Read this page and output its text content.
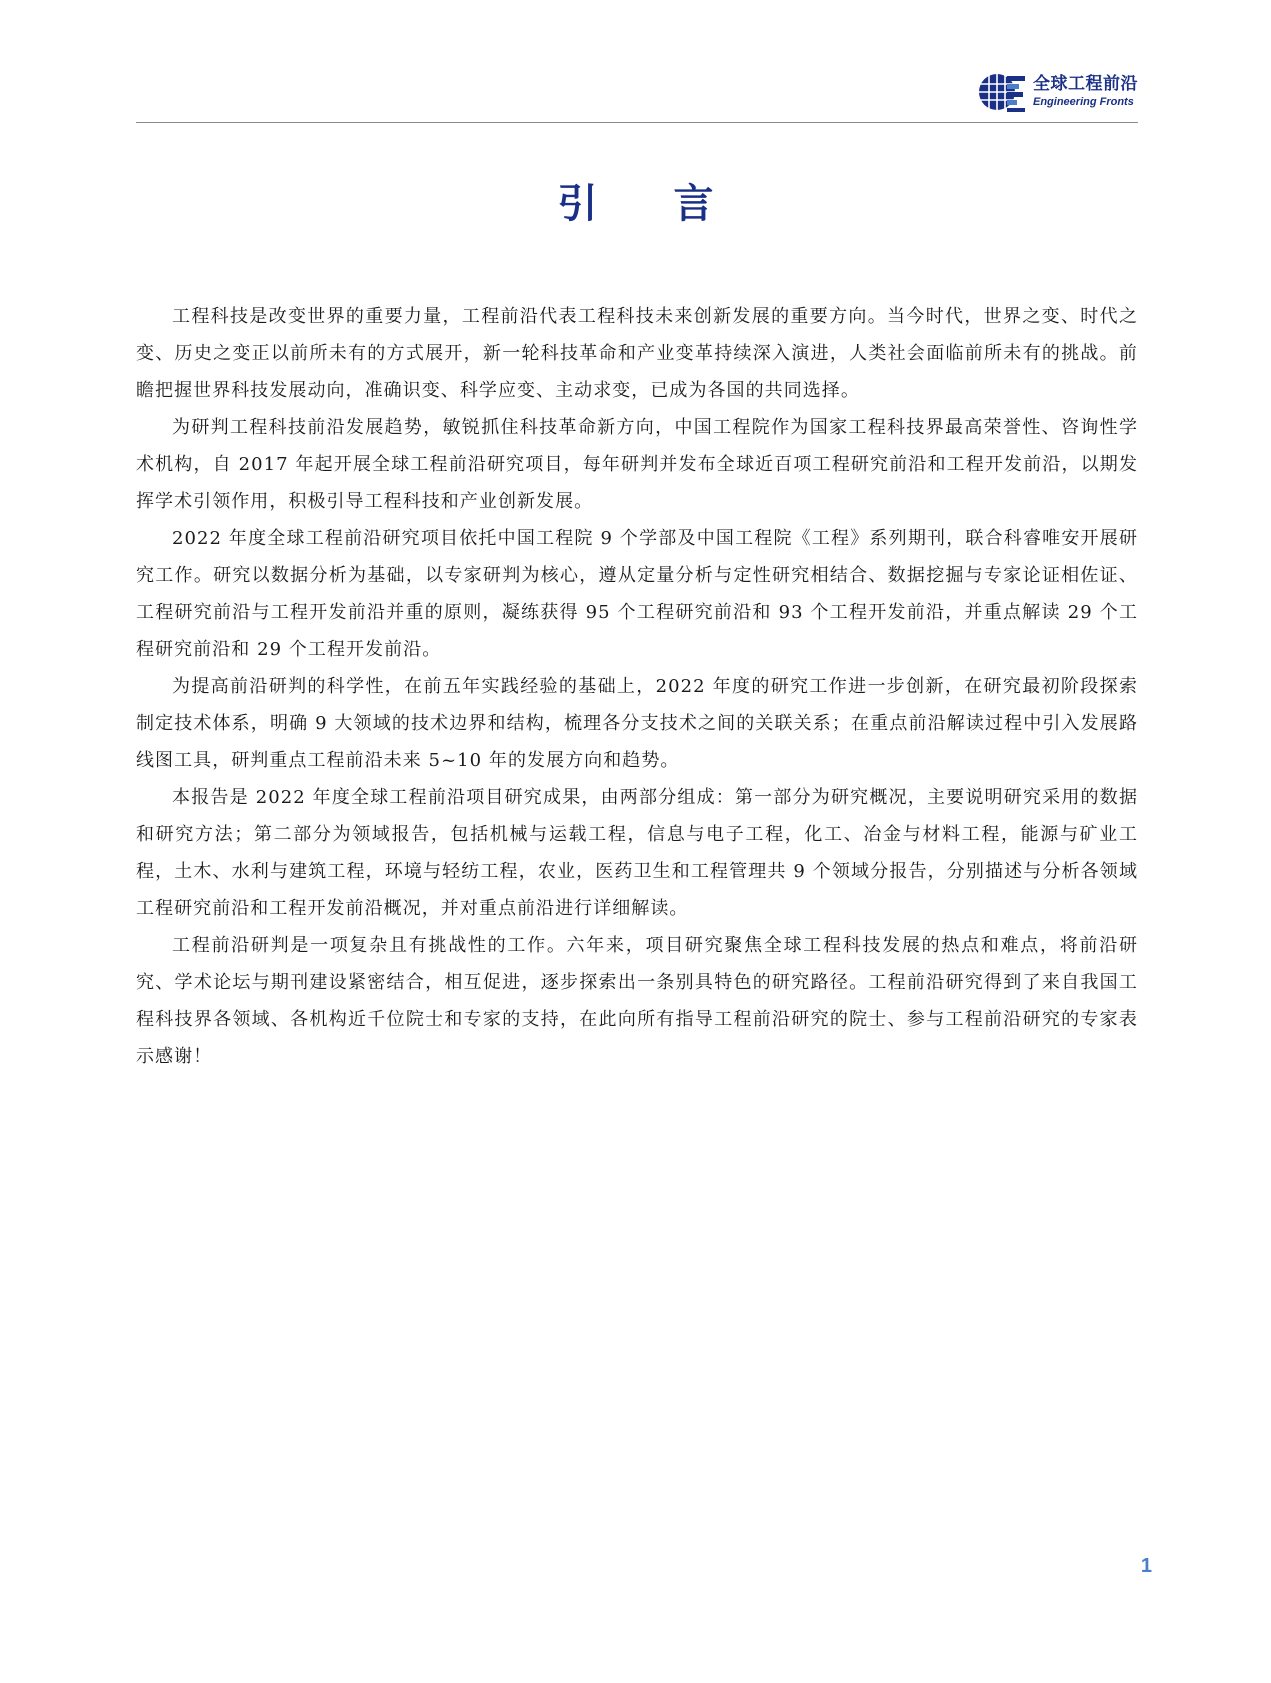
全球工程前沿
Engineering Fronts
引言

工程科技是改变世界的重要力量，工程前沿代表工程科技未来创新发展的重要方向。当今时代，世界之变、时代之变、历史之变正以前所未有的方式展开，新一轮科技革命和产业变革持续深入演进，人类社会面临前所未有的挑战。前瞻把握世界科技发展动向，准确识变、科学应变、主动求变，已成为各国的共同选择。

为研判工程科技前沿发展趋势，敏锐抓住科技革命新方向，中国工程院作为国家工程科技界最高荣誉性、咨询性学术机构，自 2017 年起开展全球工程前沿研究项目，每年研判并发布全球近百项工程研究前沿和工程开发前沿，以期发挥学术引领作用，积极引导工程科技和产业创新发展。

2022 年度全球工程前沿研究项目依托中国工程院 9 个学部及中国工程院《工程》系列期刊，联合科睿唯安开展研究工作。研究以数据分析为基础，以专家研判为核心，遵从定量分析与定性研究相结合、数据挖掘与专家论证相佐证、工程研究前沿与工程开发前沿并重的原则，凝练获得 95 个工程研究前沿和 93 个工程开发前沿，并重点解读 29 个工程研究前沿和 29 个工程开发前沿。

为提高前沿研判的科学性，在前五年实践经验的基础上，2022 年度的研究工作进一步创新，在研究最初阶段探索制定技术体系，明确 9 大领域的技术边界和结构，梳理各分支技术之间的关联关系；在重点前沿解读过程中引入发展路线图工具，研判重点工程前沿未来 5~10 年的发展方向和趋势。

本报告是 2022 年度全球工程前沿项目研究成果，由两部分组成：第一部分为研究概况，主要说明研究采用的数据和研究方法；第二部分为领域报告，包括机械与运载工程，信息与电子工程，化工、冶金与材料工程，能源与矿业工程，土木、水利与建筑工程，环境与轻纺工程，农业，医药卫生和工程管理共 9 个领域分报告，分别描述与分析各领域工程研究前沿和工程开发前沿概况，并对重点前沿进行详细解读。

工程前沿研判是一项复杂且有挑战性的工作。六年来，项目研究聚焦全球工程科技发展的热点和难点，将前沿研究、学术论坛与期刊建设紧密结合，相互促进，逐步探索出一条别具特色的研究路径。工程前沿研究得到了来自我国工程科技界各领域、各机构近千位院士和专家的支持，在此向所有指导工程前沿研究的院士、参与工程前沿研究的专家表示感谢！

1
